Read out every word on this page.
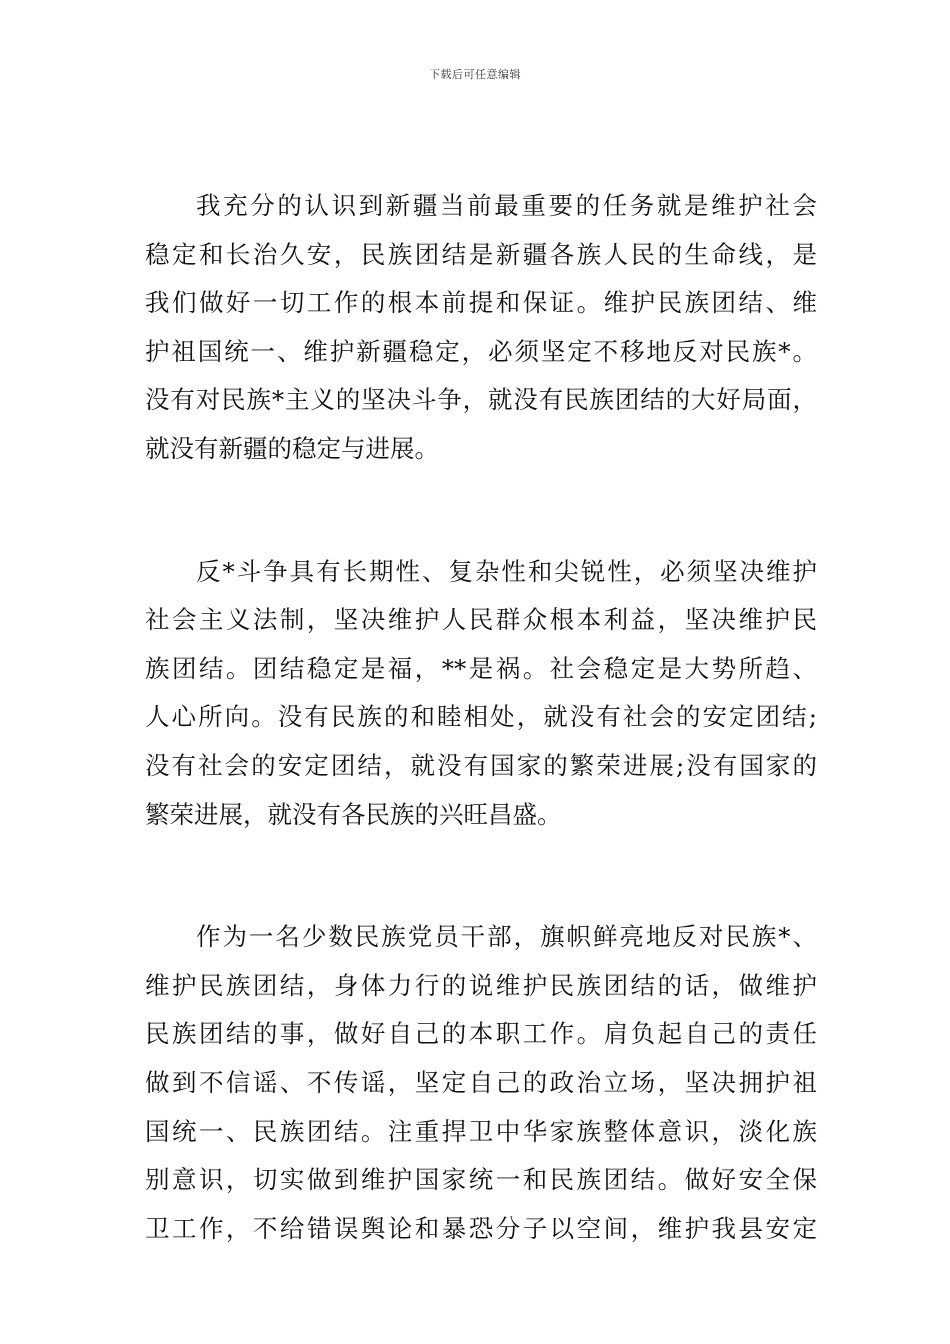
下载后可任意编辑

我充分的认识到新疆当前最重要的任务就是维护社会
稳定和长治久安，民族团结是新疆各族人民的生命线，是
我们做好一切工作的根本前提和保证。维护民族团结、维
护祖国统一、维护新疆稳定，必须坚定不移地反对民族*。
没有对民族*主义的坚决斗争，就没有民族团结的大好局面，
就没有新疆的稳定与进展。

反*斗争具有长期性、复杂性和尖锐性，必须坚决维护
社会主义法制，坚决维护人民群众根本利益，坚决维护民
族团结。团结稳定是福，**是祸。社会稳定是大势所趋、
人心所向。没有民族的和睦相处，就没有社会的安定团结;
没有社会的安定团结，就没有国家的繁荣进展;没有国家的
繁荣进展，就没有各民族的兴旺昌盛。

作为一名少数民族党员干部，旗帜鲜亮地反对民族*、
维护民族团结，身体力行的说维护民族团结的话，做维护
民族团结的事，做好自己的本职工作。肩负起自己的责任
做到不信谣、不传谣，坚定自己的政治立场，坚决拥护祖
国统一、民族团结。注重捍卫中华家族整体意识，淡化族
别意识，切实做到维护国家统一和民族团结。做好安全保
卫工作，不给错误舆论和暴恐分子以空间，维护我县安定
